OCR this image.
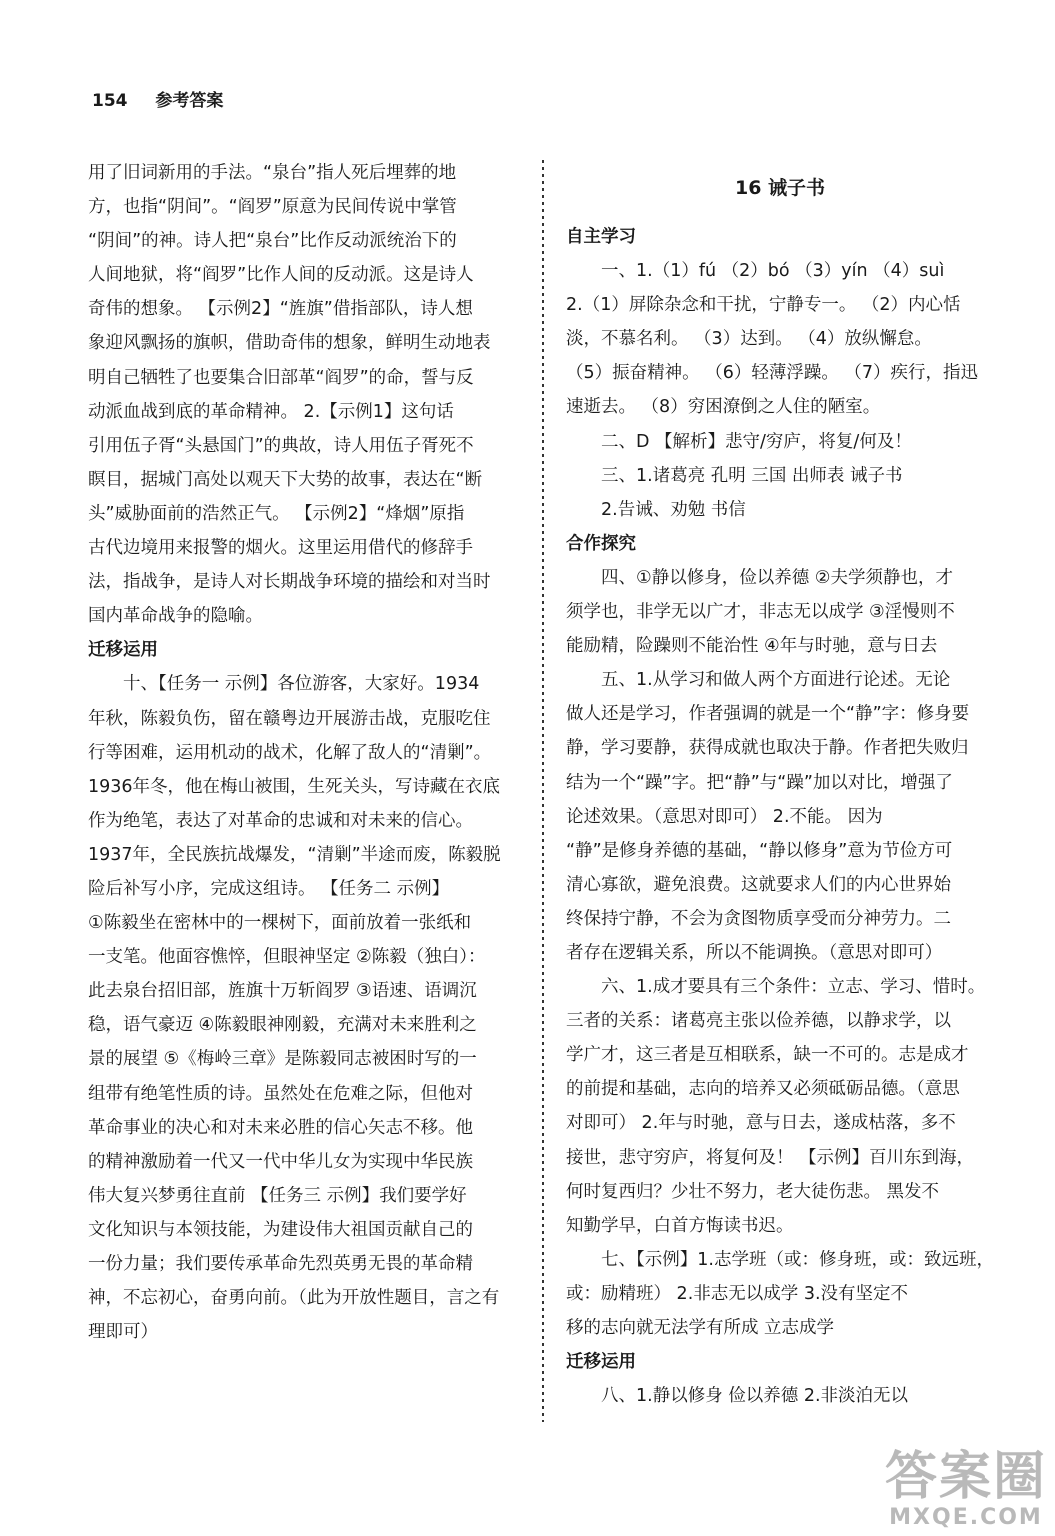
154 参考答案
用了旧词新用的手法。“泉台”指人死后埋葬的地
方，也指“阴间”。“阎罗”原意为民间传说中掌管
“阴间”的神。诗人把“泉台”比作反动派统治下的
人间地狱，将“阎罗”比作人间的反动派。这是诗人
奇伟的想象。 【示例2】“旌旗”借指部队，诗人想
象迎风飘扬的旗帜，借助奇伟的想象，鲜明生动地表
明自己牺牲了也要集合旧部革“阎罗”的命，誓与反
动派血战到底的革命精神。 2.【示例1】这句话
引用伍子胥“头悬国门”的典故，诗人用伍子胥死不
瞑目，据城门高处以观天下大势的故事，表达在“断
头”威胁面前的浩然正气。 【示例2】“烽烟”原指
古代边境用来报警的烟火。这里运用借代的修辞手
法，指战争，是诗人对长期战争环境的描绘和对当时
国内革命战争的隐喻。
迁移运用
十、【任务一 示例】各位游客，大家好。1934
年秋，陈毅负伤，留在赣粤边开展游击战，克服吃住
行等困难，运用机动的战术，化解了敌人的“清剿”。
1936年冬，他在梅山被围，生死关头，写诗藏在衣底
作为绝笔，表达了对革命的忠诚和对未来的信心。
1937年，全民族抗战爆发，“清剿”半途而废，陈毅脱
险后补写小序，完成这组诗。 【任务二 示例】
①陈毅坐在密林中的一棵树下，面前放着一张纸和
一支笔。他面容憔悴，但眼神坚定 ②陈毅（独白）：
此去泉台招旧部，旌旗十万斩阎罗 ③语速、语调沉
稳，语气豪迈 ④陈毅眼神刚毅，充满对未来胜利之
景的展望 ⑤《梅岭三章》是陈毅同志被困时写的一
组带有绝笔性质的诗。虽然处在危难之际，但他对
革命事业的决心和对未来必胜的信心矢志不移。他
的精神激励着一代又一代中华儿女为实现中华民族
伟大复兴梦勇往直前 【任务三 示例】我们要学好
文化知识与本领技能，为建设伟大祖国贡献自己的
一份力量；我们要传承革命先烈英勇无畏的革命精
神，不忘初心，奋勇向前。（此为开放性题目，言之有
理即可）
16 诫子书
自主学习
一、1.（1）fú （2）bó （3）yín （4）suì
2.（1）屏除杂念和干扰，宁静专一。 （2）内心恬
淡，不慕名利。 （3）达到。 （4）放纵懈怠。
（5）振奋精神。 （6）轻薄浮躁。 （7）疾行，指迅
速逝去。 （8）穷困潦倒之人住的陋室。
二、D 【解析】悲守/穷庐，将复/何及！
三、1.诸葛亮 孔明 三国 出师表 诫子书
2.告诫、劝勉 书信
合作探究
四、①静以修身，俭以养德 ②夫学须静也，才
须学也，非学无以广才，非志无以成学 ③淫慢则不
能励精，险躁则不能治性 ④年与时驰，意与日去
五、1.从学习和做人两个方面进行论述。无论
做人还是学习，作者强调的就是一个“静”字：修身要
静，学习要静，获得成就也取决于静。作者把失败归
结为一个“躁”字。把“静”与“躁”加以对比，增强了
论述效果。（意思对即可） 2.不能。 因为
“静”是修身养德的基础，“静以修身”意为节俭方可
清心寡欲，避免浪费。这就要求人们的内心世界始
终保持宁静，不会为贪图物质享受而分神劳力。二
者存在逻辑关系，所以不能调换。（意思对即可）
六、1.成才要具有三个条件：立志、学习、惜时。
三者的关系：诸葛亮主张以俭养德，以静求学，以
学广才，这三者是互相联系，缺一不可的。志是成才
的前提和基础，志向的培养又必须砥砺品德。（意思
对即可） 2.年与时驰，意与日去，遂成枯落，多不
接世，悲守穷庐，将复何及！ 【示例】百川东到海，
何时复西归？少壮不努力，老大徒伤悲。 黑发不
知勤学早，白首方悔读书迟。
七、【示例】1.志学班（或：修身班，或：致远班，
或：励精班） 2.非志无以成学 3.没有坚定不
移的志向就无法学有所成 立志成学
迁移运用
八、1.静以修身 俭以养德 2.非淡泊无以
答案圈
MXQE.COM
